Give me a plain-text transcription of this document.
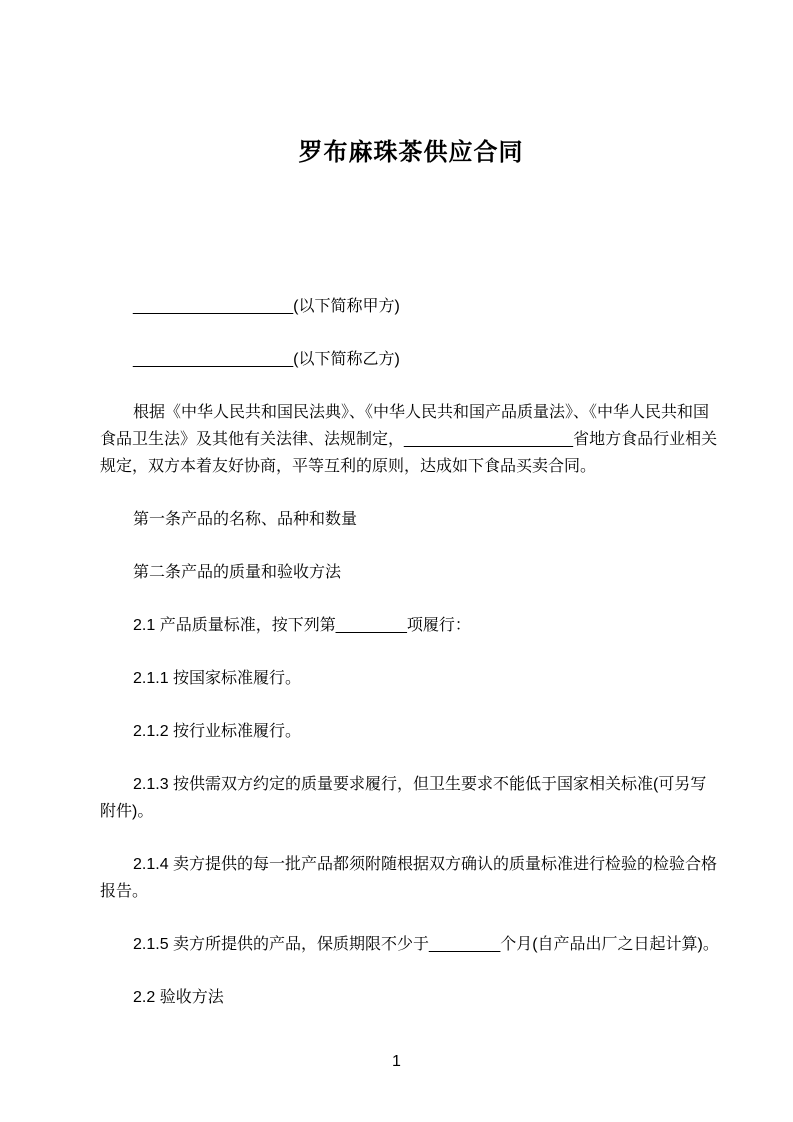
罗布麻珠茶供应合同

__________________(以下简称甲方)

__________________(以下简称乙方)

根据《中华人民共和国民法典》、《中华人民共和国产品质量法》、《中华人民共和国食品卫生法》及其他有关法律、法规制定，___________________省地方食品行业相关规定，双方本着友好协商，平等互利的原则，达成如下食品买卖合同。

第一条产品的名称、品种和数量

第二条产品的质量和验收方法

2.1 产品质量标准，按下列第________项履行：

2.1.1 按国家标准履行。

2.1.2 按行业标准履行。

2.1.3 按供需双方约定的质量要求履行，但卫生要求不能低于国家相关标准(可另写附件)。

2.1.4 卖方提供的每一批产品都须附随根据双方确认的质量标准进行检验的检验合格报告。

2.1.5 卖方所提供的产品，保质期限不少于________个月(自产品出厂之日起计算)。

2.2 验收方法

1
